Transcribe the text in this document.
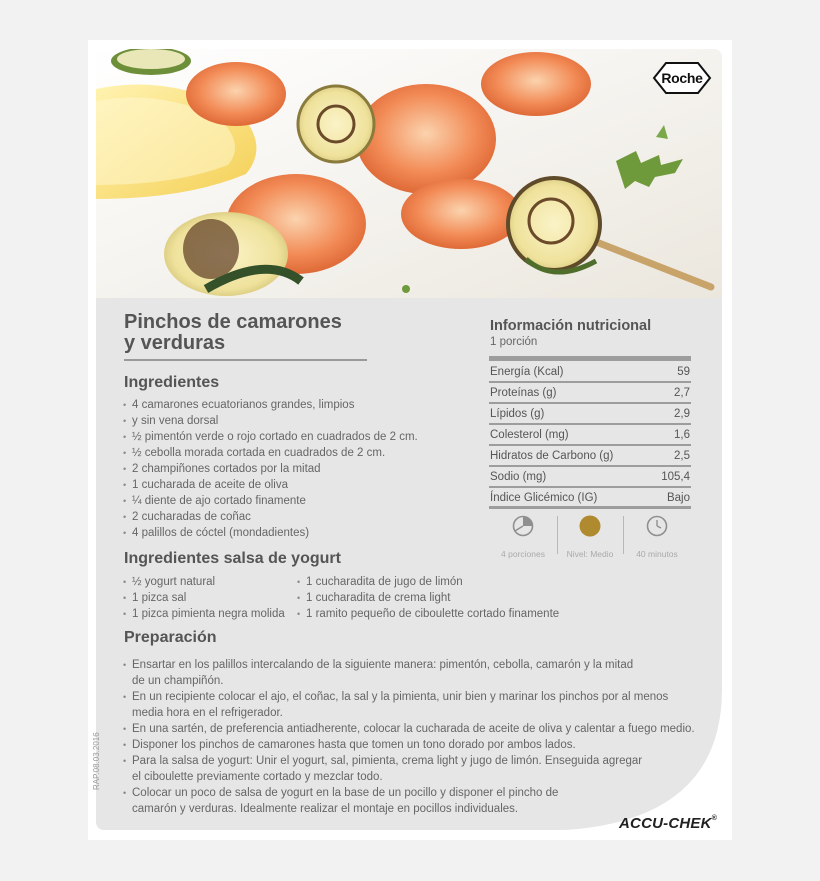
Roche
Pinchos de camarones
y verduras
Ingredientes
• 4 camarones ecuatorianos grandes, limpios
• y sin vena dorsal
• ½ pimentón verde o rojo cortado en cuadrados de 2 cm.
• ½ cebolla morada cortada en cuadrados de 2 cm.
• 2 champiñones cortados por la mitad
• 1 cucharada de aceite de oliva
• ¼ diente de ajo cortado finamente
• 2 cucharadas de coñac
• 4 palillos de cóctel (mondadientes)
Ingredientes salsa de yogurt
• ½ yogurt natural
• 1 pizca sal
• 1 pizca pimienta negra molida
• 1 cucharadita de jugo de limón
• 1 cucharadita de crema light
• 1 ramito pequeño de ciboulette cortado finamente
Preparación
• Ensartar en los palillos intercalando de la siguiente manera: pimentón, cebolla, camarón y la mitad
de un champiñón.
• En un recipiente colocar el ajo, el coñac, la sal y la pimienta, unir bien y marinar los pinchos por al menos
media hora en el refrigerador.
• En una sartén, de preferencia antiadherente, colocar la cucharada de aceite de oliva y calentar a fuego medio.
• Disponer los pinchos de camarones hasta que tomen un tono dorado por ambos lados.
• Para la salsa de yogurt: Unir el yogurt, sal, pimienta, crema light y jugo de limón. Enseguida agregar
el ciboulette previamente cortado y mezclar todo.
• Colocar un poco de salsa de yogurt en la base de un pocillo y disponer el pincho de
camarón y verduras. Idealmente realizar el montaje en pocillos individuales.
Información nutricional
1 porción
Energía (Kcal)	59
Proteínas (g)	2,7
Lípidos (g)	2,9
Colesterol (mg)	1,6
Hidratos de Carbono (g)	2,5
Sodio (mg)	105,4
Índice Glicémico (IG)	Bajo
4 porciones	Nivel: Medio	40 minutos
RAP.08.03.2016
ACCU-CHEK®
